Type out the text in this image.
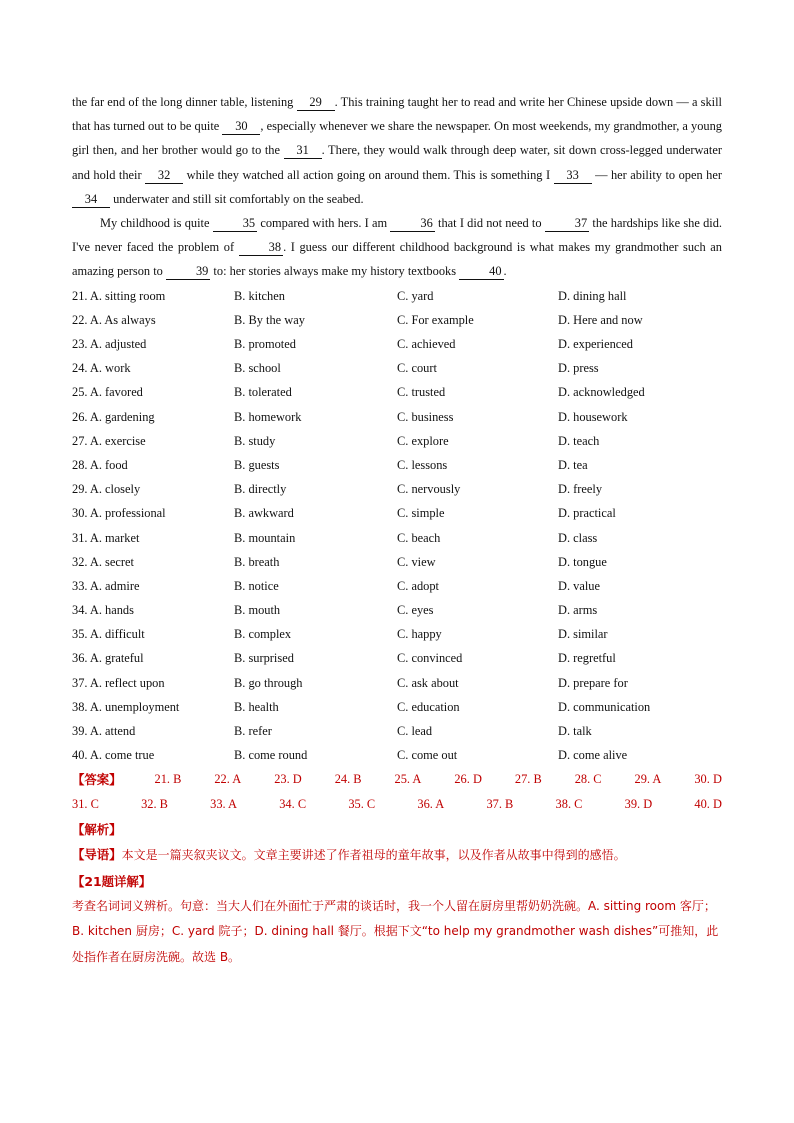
the far end of the long dinner table, listening 29 . This training taught her to read and write her Chinese upside down — a skill that has turned out to be quite 30 , especially whenever we share the newspaper. On most weekends, my grandmother, a young girl then, and her brother would go to the 31 . There, they would walk through deep water, sit down cross-legged underwater and hold their 32 while they watched all action going on around them. This is something I 33 — her ability to open her 34 underwater and still sit comfortably on the seabed.

My childhood is quite 35 compared with hers. I am 36 that I did not need to 37 the hardships like she did. I've never faced the problem of 38 . I guess our different childhood background is what makes my grandmother such an amazing person to 39 to: her stories always make my history textbooks 40 .

21. A. sitting room	B. kitchen	C. yard	D. dining hall
22. A. As always	B. By the way	C. For example	D. Here and now
23. A. adjusted	B. promoted	C. achieved	D. experienced
24. A. work	B. school	C. court	D. press
25. A. favored	B. tolerated	C. trusted	D. acknowledged
26. A. gardening	B. homework	C. business	D. housework
27. A. exercise	B. study	C. explore	D. teach
28. A. food	B. guests	C. lessons	D. tea
29. A. closely	B. directly	C. nervously	D. freely
30. A. professional	B. awkward	C. simple	D. practical
31. A. market	B. mountain	C. beach	D. class
32. A. secret	B. breath	C. view	D. tongue
33. A. admire	B. notice	C. adopt	D. value
34. A. hands	B. mouth	C. eyes	D. arms
35. A. difficult	B. complex	C. happy	D. similar
36. A. grateful	B. surprised	C. convinced	D. regretful
37. A. reflect upon	B. go through	C. ask about	D. prepare for
38. A. unemployment	B. health	C. education	D. communication
39. A. attend	B. refer	C. lead	D. talk
40. A. come true	B. come round	C. come out	D. come alive
【答案】	21. B	22. A	23. D	24. B	25. A	26. D	27. B	28. C	29. A	30. D
31. C	32. B	33. A	34. C	35. C	36. A	37. B	38. C	39. D	40. D
【解析】

【导语】本文是一篇夹叙夹议文。文章主要讲述了作者祖母的童年故事，以及作者从故事中得到的感悟。

【21题详解】

考查名词词义辨析。句意：当大人们在外面忙于严肃的谈话时，我一个人留在厨房里帮奶奶洗碗。A. sitting room 客厅；B. kitchen 厨房；C. yard 院子；D. dining hall 餐厅。根据下文“to help my grandmother wash dishes”可推知，此处指作者在厨房洗碗。故选 B。
